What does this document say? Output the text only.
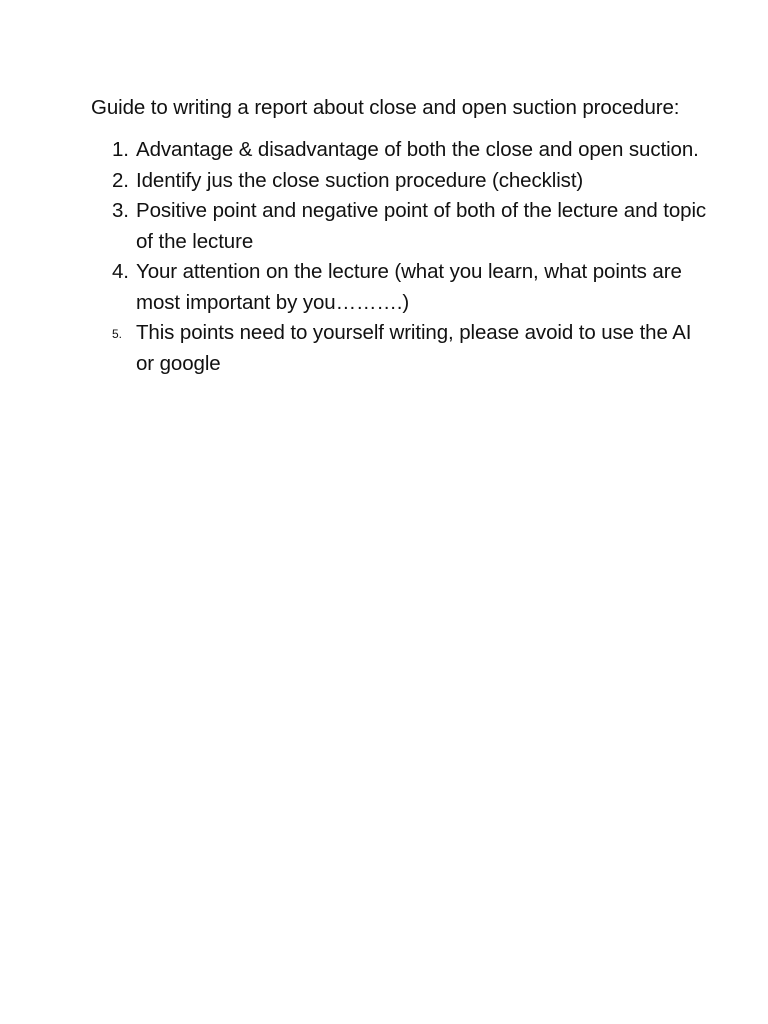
Guide to writing a report about close and open suction procedure:

1. Advantage & disadvantage of both the close and open suction.
2. Identify jus the close suction procedure (checklist)
3. Positive point and negative point of both of the lecture and topic of the lecture
4. Your attention on the lecture (what you learn, what points are most important by you……….)
5. This points need to yourself writing, please avoid to use the AI or google
